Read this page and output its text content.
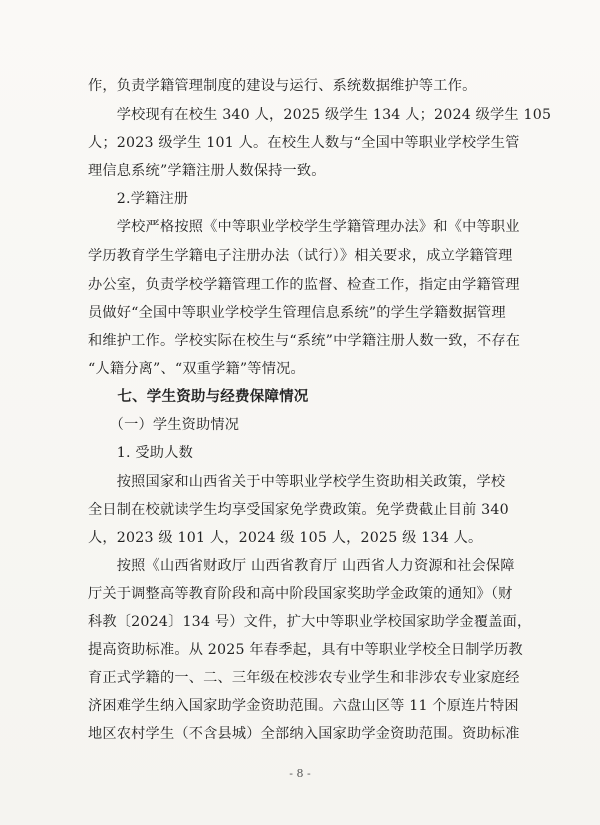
作，负责学籍管理制度的建设与运行、系统数据维护等工作。
　　学校现有在校生 340 人，2025 级学生 134 人；2024 级学生 105
人；2023 级学生 101 人。在校生人数与“全国中等职业学校学生管
理信息系统”学籍注册人数保持一致。
　　2.学籍注册
　　学校严格按照《中等职业学校学生学籍管理办法》和《中等职业
学历教育学生学籍电子注册办法（试行）》相关要求，成立学籍管理
办公室，负责学校学籍管理工作的监督、检查工作，指定由学籍管理
员做好“全国中等职业学校学生管理信息系统”的学生学籍数据管理
和维护工作。学校实际在校生与“系统”中学籍注册人数一致，不存在
“人籍分离”、“双重学籍”等情况。
　　七、学生资助与经费保障情况
　　（一）学生资助情况
　　1. 受助人数
　　按照国家和山西省关于中等职业学校学生资助相关政策，学校
全日制在校就读学生均享受国家免学费政策。免学费截止目前 340
人，2023 级 101 人，2024 级 105 人，2025 级 134 人。
　　按照《山西省财政厅 山西省教育厅 山西省人力资源和社会保障
厅关于调整高等教育阶段和高中阶段国家奖助学金政策的通知》（财
科教〔2024〕134 号）文件，扩大中等职业学校国家助学金覆盖面，
提高资助标准。从 2025 年春季起，具有中等职业学校全日制学历教
育正式学籍的一、二、三年级在校涉农专业学生和非涉农专业家庭经
济困难学生纳入国家助学金资助范围。六盘山区等 11 个原连片特困
地区农村学生（不含县城）全部纳入国家助学金资助范围。资助标准
- 8 -
